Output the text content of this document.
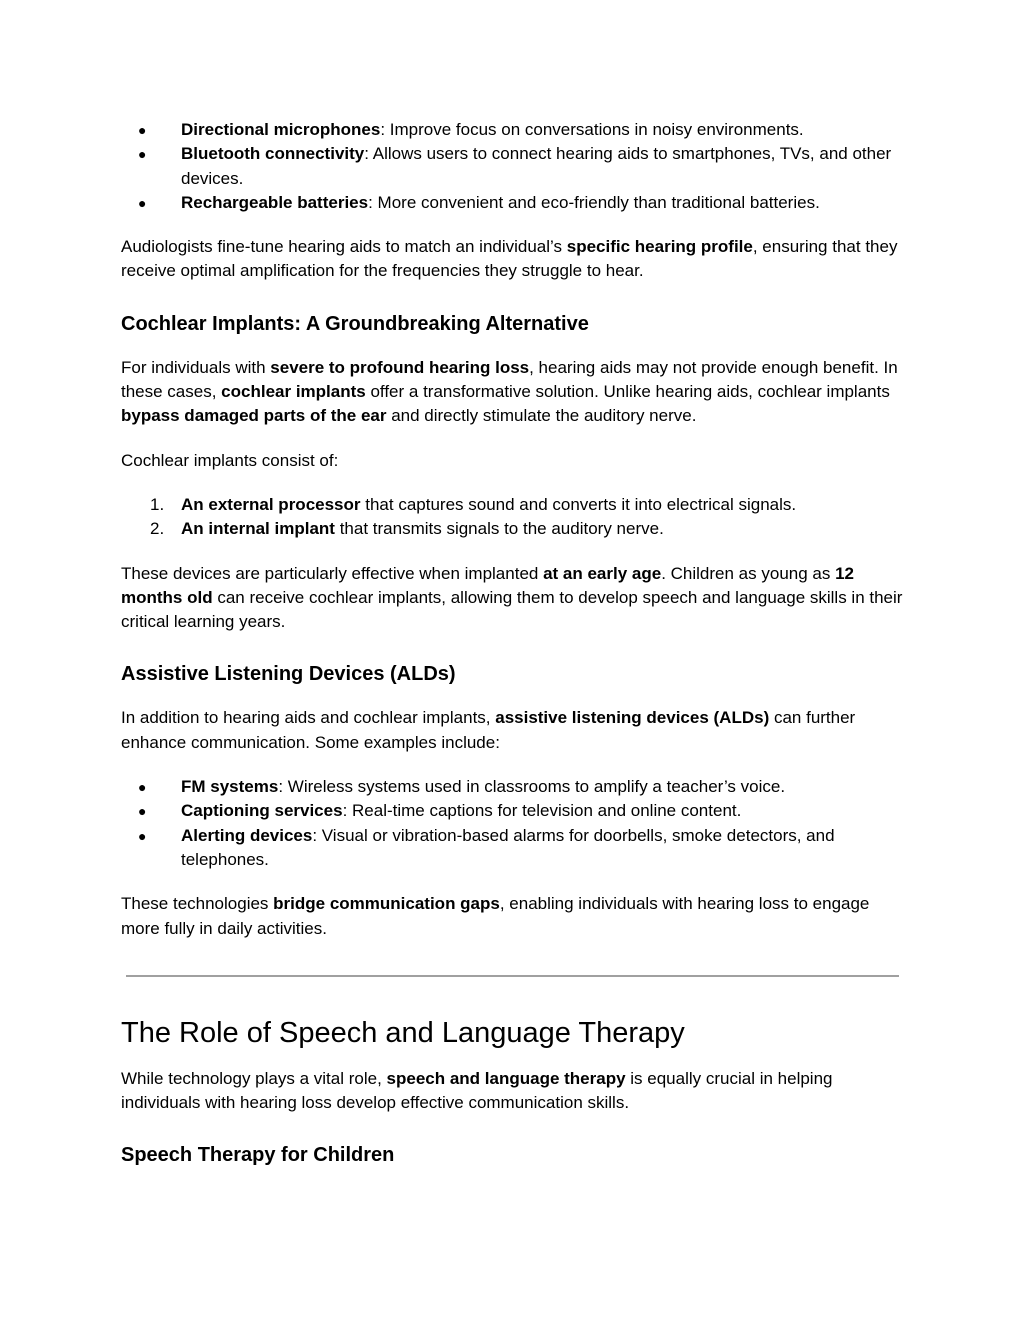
● Directional microphones: Improve focus on conversations in noisy environments.
● Bluetooth connectivity: Allows users to connect hearing aids to smartphones, TVs, and other devices.
● Rechargeable batteries: More convenient and eco-friendly than traditional batteries.

Audiologists fine-tune hearing aids to match an individual’s specific hearing profile, ensuring that they receive optimal amplification for the frequencies they struggle to hear.

Cochlear Implants: A Groundbreaking Alternative

For individuals with severe to profound hearing loss, hearing aids may not provide enough benefit. In these cases, cochlear implants offer a transformative solution. Unlike hearing aids, cochlear implants bypass damaged parts of the ear and directly stimulate the auditory nerve.

Cochlear implants consist of:

1. An external processor that captures sound and converts it into electrical signals.
2. An internal implant that transmits signals to the auditory nerve.

These devices are particularly effective when implanted at an early age. Children as young as 12 months old can receive cochlear implants, allowing them to develop speech and language skills in their critical learning years.

Assistive Listening Devices (ALDs)

In addition to hearing aids and cochlear implants, assistive listening devices (ALDs) can further enhance communication. Some examples include:

● FM systems: Wireless systems used in classrooms to amplify a teacher’s voice.
● Captioning services: Real-time captions for television and online content.
● Alerting devices: Visual or vibration-based alarms for doorbells, smoke detectors, and telephones.

These technologies bridge communication gaps, enabling individuals with hearing loss to engage more fully in daily activities.

The Role of Speech and Language Therapy

While technology plays a vital role, speech and language therapy is equally crucial in helping individuals with hearing loss develop effective communication skills.

Speech Therapy for Children
